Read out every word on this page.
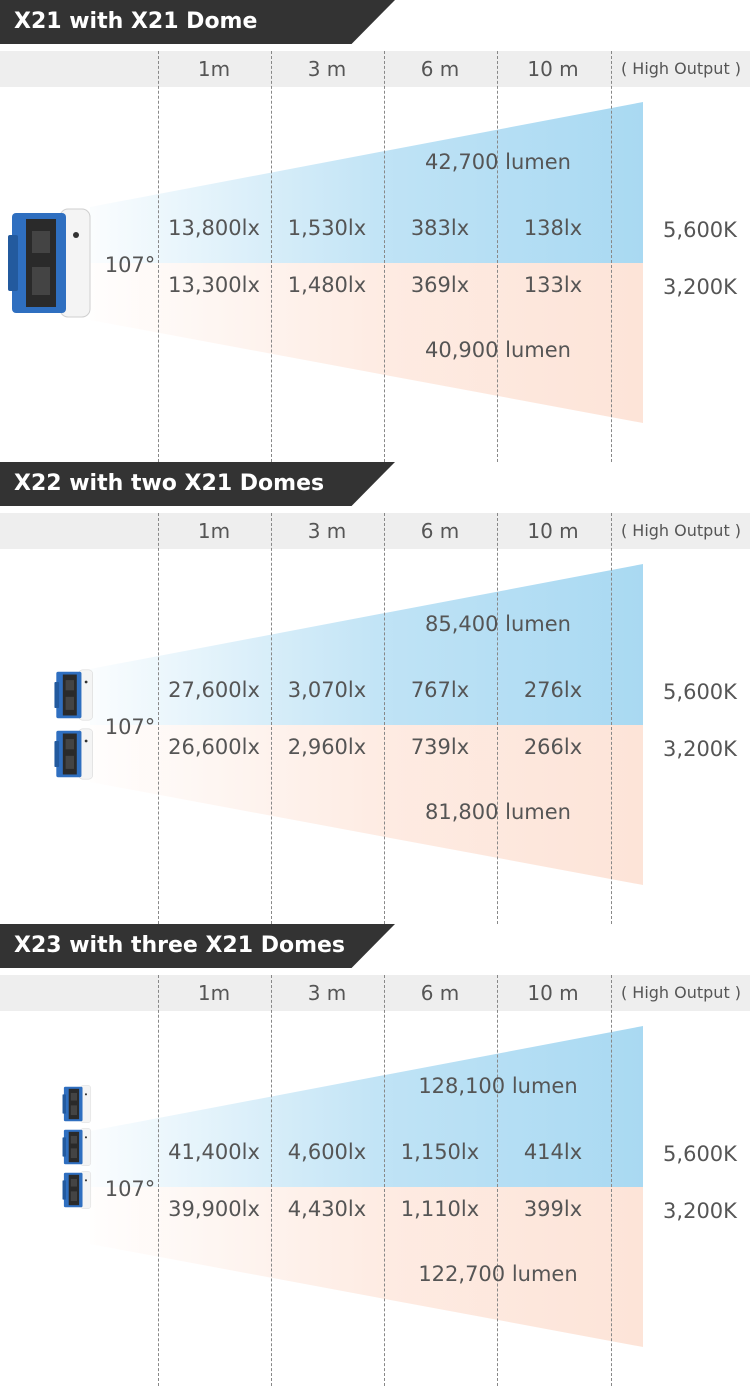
X21 with X21 Dome
1m	3 m	6 m	10 m	( High Output )
42,700 lumen
40,900 lumen
13,800lx	1,530lx	383lx	138lx
13,300lx	1,480lx	369lx	133lx
5,600K
3,200K
107°
X22 with two X21 Domes
1m	3 m	6 m	10 m	( High Output )
85,400 lumen
81,800 lumen
27,600lx	3,070lx	767lx	276lx
26,600lx	2,960lx	739lx	266lx
5,600K
3,200K
107°
X23 with three X21 Domes
1m	3 m	6 m	10 m	( High Output )
128,100 lumen
122,700 lumen
41,400lx	4,600lx	1,150lx	414lx
39,900lx	4,430lx	1,110lx	399lx
5,600K
3,200K
107°
